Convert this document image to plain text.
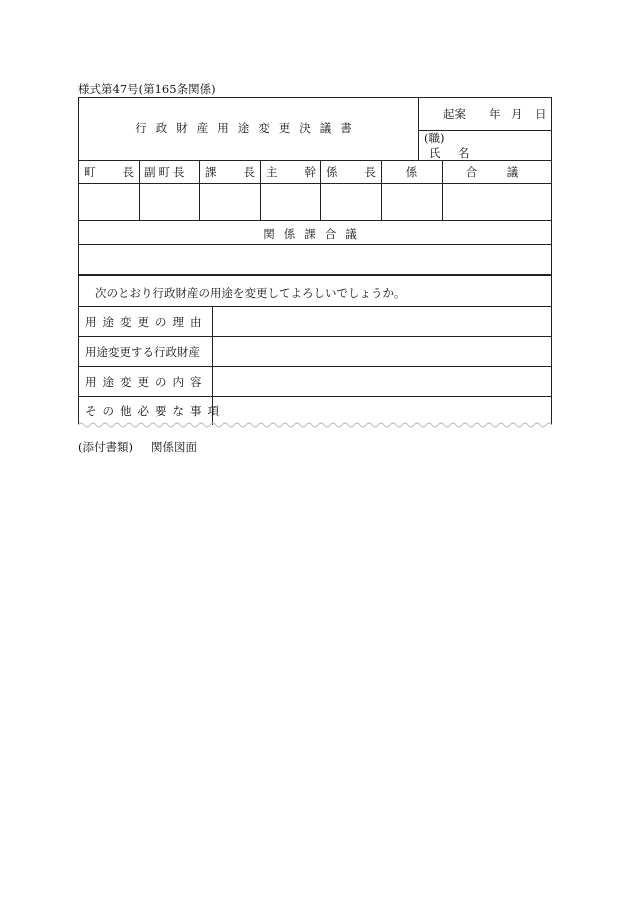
様式第47号(第165条関係)
行政財産用途変更決議書
起案 年 月 日
(職)
氏　名
町　長 副町長 課　長 主　幹 係　長	係	合　議
関係課合議
次のとおり行政財産の用途を変更してよろしいでしょうか。
用途変更の理由
用途変更する行政財産
用途変更の内容
その他必要な事項
(添付書類) 関係図面
